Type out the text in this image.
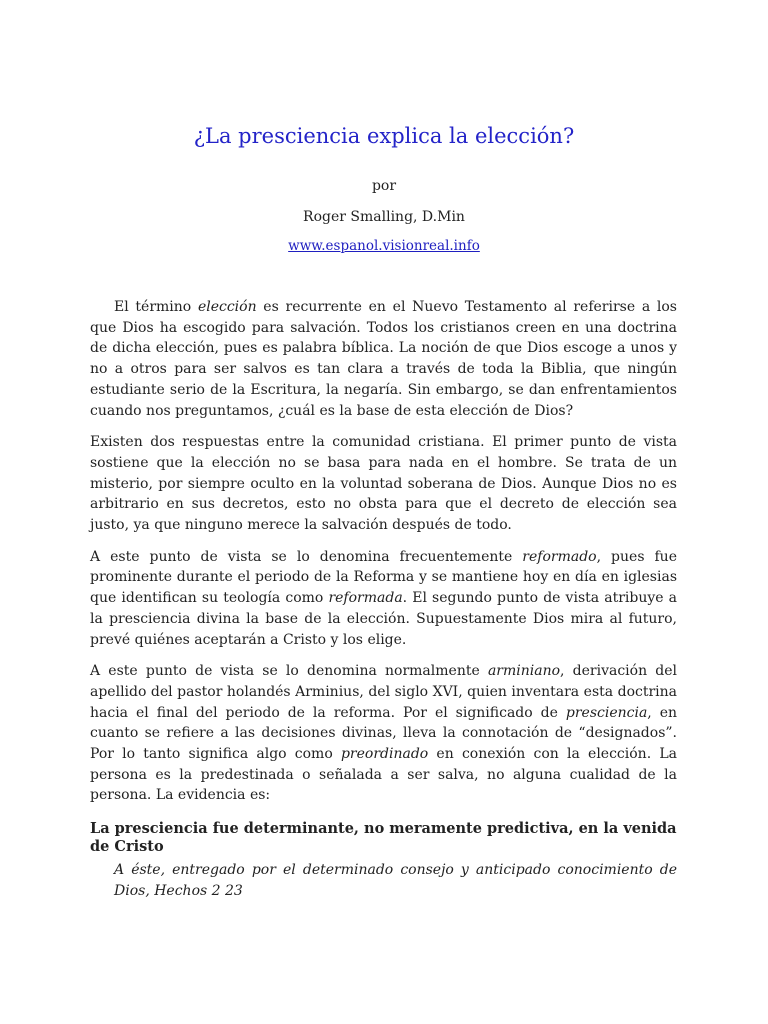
¿La presciencia explica la elección?
por
Roger Smalling, D.Min
www.espanol.visionreal.info

El término elección es recurrente en el Nuevo Testamento al referirse a los que Dios ha escogido para salvación. Todos los cristianos creen en una doctrina de dicha elección, pues es palabra bíblica. La noción de que Dios escoge a unos y no a otros para ser salvos es tan clara a través de toda la Biblia, que ningún estudiante serio de la Escritura, la negaría. Sin embargo, se dan enfrentamientos cuando nos preguntamos, ¿cuál es la base de esta elección de Dios?

Existen dos respuestas entre la comunidad cristiana. El primer punto de vista sostiene que la elección no se basa para nada en el hombre. Se trata de un misterio, por siempre oculto en la voluntad soberana de Dios. Aunque Dios no es arbitrario en sus decretos, esto no obsta para que el decreto de elección sea justo, ya que ninguno merece la salvación después de todo.

A este punto de vista se lo denomina frecuentemente reformado, pues fue prominente durante el periodo de la Reforma y se mantiene hoy en día en iglesias que identifican su teología como reformada. El segundo punto de vista atribuye a la presciencia divina la base de la elección. Supuestamente Dios mira al futuro, prevé quiénes aceptarán a Cristo y los elige.

A este punto de vista se lo denomina normalmente arminiano, derivación del apellido del pastor holandés Arminius, del siglo XVI, quien inventara esta doctrina hacia el final del periodo de la reforma. Por el significado de presciencia, en cuanto se refiere a las decisiones divinas, lleva la connotación de “designados”. Por lo tanto significa algo como preordinado en conexión con la elección. La persona es la predestinada o señalada a ser salva, no alguna cualidad de la persona. La evidencia es:

La presciencia fue determinante, no meramente predictiva, en la venida de Cristo
A éste, entregado por el determinado consejo y anticipado conocimiento de Dios, Hechos 2 23
